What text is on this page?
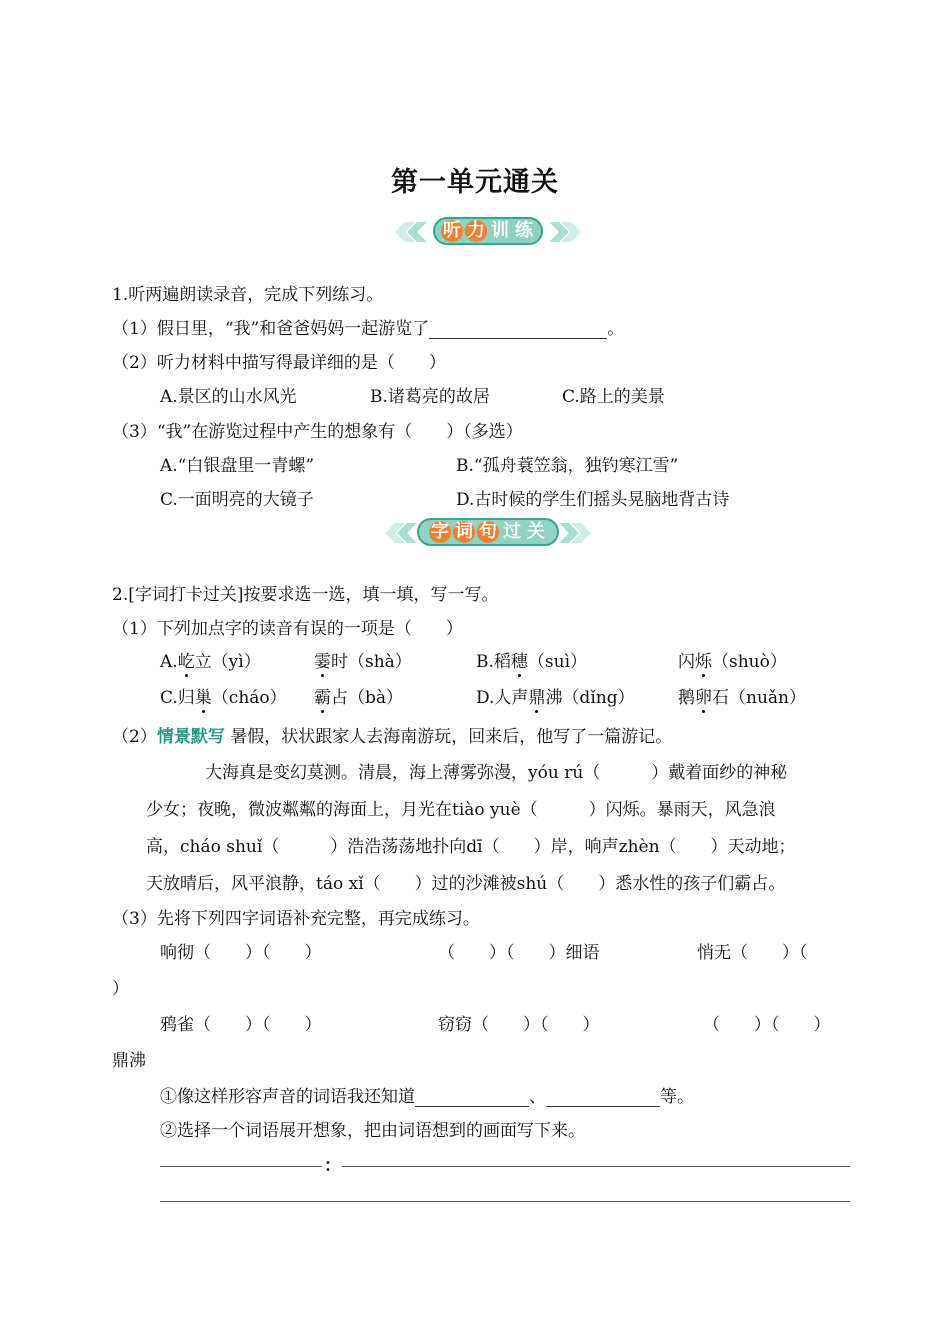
第一单元通关
听 力 训 练
1.听两遍朗读录音，完成下列练习。
（1）假日里，“我”和爸爸妈妈一起游览了	。
（2）听力材料中描写得最详细的是（　　）
A.景区的山水风光	B.诸葛亮的故居	C.路上的美景
（3）“我”在游览过程中产生的想象有（　　）（多选）
A.“白银盘里一青螺”	B.“孤舟蓑笠翁，独钓寒江雪”
C.一面明亮的大镜子	D.古时候的学生们摇头晃脑地背古诗
字 词 句 过 关
2.[字词打卡过关]按要求选一选，填一填，写一写。
（1）下列加点字的读音有误的一项是（　　）
A.屹立（yì）	霎时（shà）	B.稻穗（suì）	闪烁（shuò）
C.归巢（cháo） 霸占（bà）	D.人声鼎沸（dǐng）	鹅卵石（nuǎn）
（2）情景默写 暑假，状状跟家人去海南游玩，回来后，他写了一篇游记。
大海真是变幻莫测。清晨，海上薄雾弥漫，yóu rú（　　　）戴着面纱的神秘
少女；夜晚，微波粼粼的海面上，月光在tiào yuè（　　　）闪烁。暴雨天，风急浪
高，cháo shuǐ（　　　）浩浩荡荡地扑向dī（　　）岸，响声zhèn（　　）天动地；
天放晴后，风平浪静，táo xǐ（　　）过的沙滩被shú（　　）悉水性的孩子们霸占。
（3）先将下列四字词语补充完整，再完成练习。
响彻（　　）（　　）	（　　）（　　）细语	悄无（　　）（
）
鸦雀（　　）（　　）	窃窃（　　）（　　）	（　　）（　　）
鼎沸
①像这样形容声音的词语我还知道	、	等。
②选择一个词语展开想象，把由词语想到的画面写下来。
：
